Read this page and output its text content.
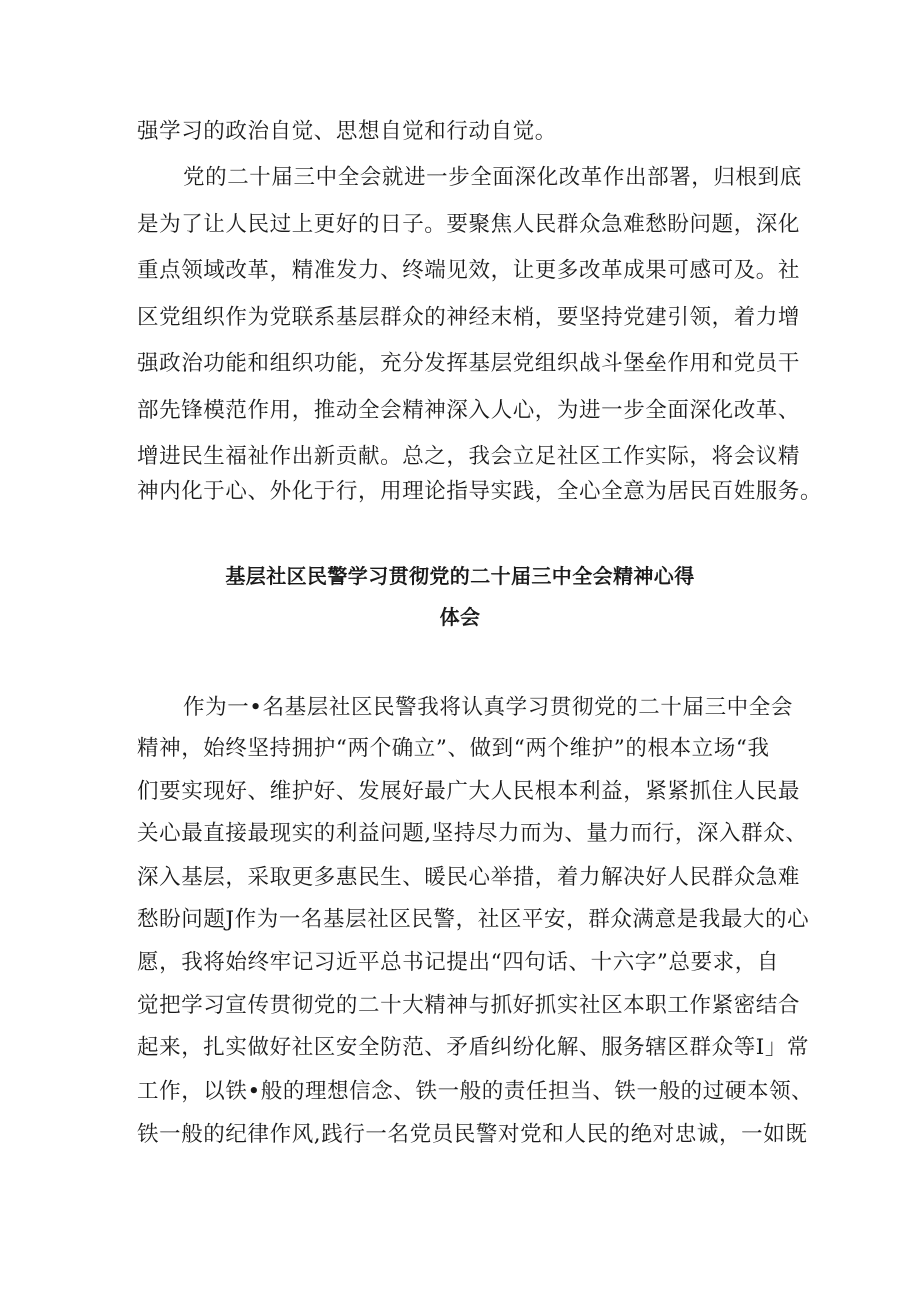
强学习的政治自觉、思想自觉和行动自觉。
党的二十届三中全会就进一步全面深化改革作出部署，归根到底
是为了让人民过上更好的日子。要聚焦人民群众急难愁盼问题，深化
重点领域改革，精准发力、终端见效，让更多改革成果可感可及。社
区党组织作为党联系基层群众的神经末梢，要坚持党建引领，着力增
强政治功能和组织功能，充分发挥基层党组织战斗堡垒作用和党员干
部先锋模范作用，推动全会精神深入人心，为进一步全面深化改革、
增进民生福祉作出新贡献。总之，我会立足社区工作实际，将会议精
神内化于心、外化于行，用理论指导实践，全心全意为居民百姓服务。
基层社区民警学习贯彻党的二十届三中全会精神心得
体会
作为一•名基层社区民警我将认真学习贯彻党的二十届三中全会
精神，始终坚持拥护“两个确立”、做到“两个维护”的根本立场“我
们要实现好、维护好、发展好最广大人民根本利益，紧紧抓住人民最
关心最直接最现实的利益问题,坚持尽力而为、量力而行，深入群众、
深入基层，采取更多惠民生、暖民心举措，着力解决好人民群众急难
愁盼问题J作为一名基层社区民警，社区平安，群众满意是我最大的心
愿，我将始终牢记习近平总书记提出“四句话、十六字”总要求，自
觉把学习宣传贯彻党的二十大精神与抓好抓实社区本职工作紧密结合
起来，扎实做好社区安全防范、矛盾纠纷化解、服务辖区群众等I」常
工作，以铁•般的理想信念、铁一般的责任担当、铁一般的过硬本领、
铁一般的纪律作风,践行一名党员民警对党和人民的绝对忠诚，一如既
